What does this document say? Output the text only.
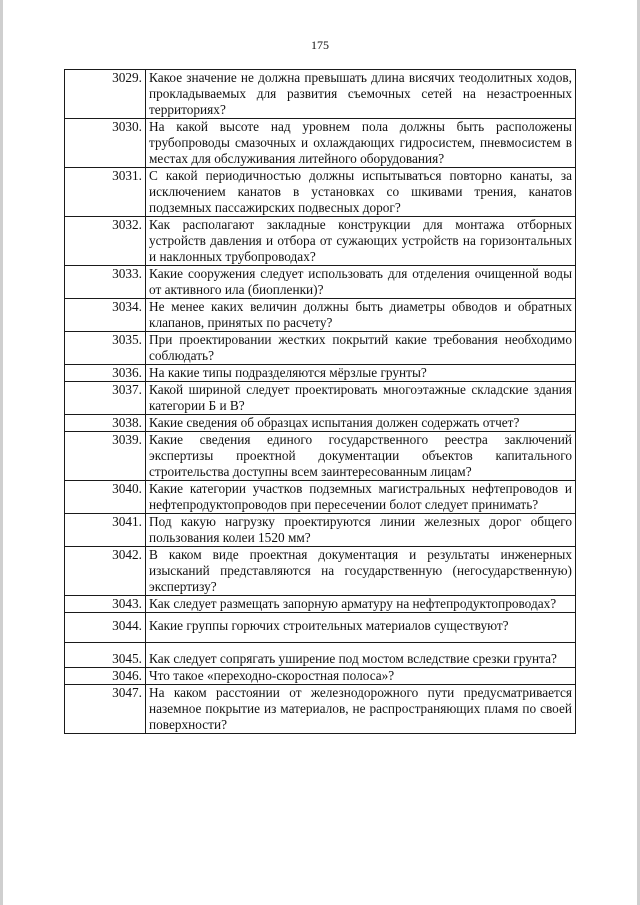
175
3029.	Какое значение не должна превышать длина висячих теодолитных ходов, прокладываемых для развития съемочных сетей на незастроенных территориях?
3030.	На какой высоте над уровнем пола должны быть расположены трубопроводы смазочных и охлаждающих гидросистем, пневмосистем в местах для обслуживания литейного оборудования?
3031.	С какой периодичностью должны испытываться повторно канаты, за исключением канатов в установках со шкивами трения, канатов подземных пассажирских подвесных дорог?
3032.	Как располагают закладные конструкции для монтажа отборных устройств давления и отбора от сужающих устройств на горизонтальных и наклонных трубопроводах?
3033.	Какие сооружения следует использовать для отделения очищенной воды от активного ила (биопленки)?
3034.	Не менее каких величин должны быть диаметры обводов и обратных клапанов, принятых по расчету?
3035.	При проектировании жестких покрытий какие требования необходимо соблюдать?
3036.	На какие типы подразделяются мёрзлые грунты?
3037.	Какой шириной следует проектировать многоэтажные складские здания категории Б и В?
3038.	Какие сведения об образцах испытания должен содержать отчет?
3039.	Какие сведения единого государственного реестра заключений экспертизы проектной документации объектов капитального строительства доступны всем заинтересованным лицам?
3040.	Какие категории участков подземных магистральных нефтепроводов и нефтепродуктопроводов при пересечении болот следует принимать?
3041.	Под какую нагрузку проектируются линии железных дорог общего пользования колеи 1520 мм?
3042.	В каком виде проектная документация и результаты инженерных изысканий представляются на государственную (негосударственную) экспертизу?
3043.	Как следует размещать запорную арматуру на нефтепродуктопроводах?
3044.	Какие группы горючих строительных материалов существуют?
3045.	Как следует сопрягать уширение под мостом вследствие срезки грунта?
3046.	Что такое «переходно-скоростная полоса»?
3047.	На каком расстоянии от железнодорожного пути предусматривается наземное покрытие из материалов, не распространяющих пламя по своей поверхности?
